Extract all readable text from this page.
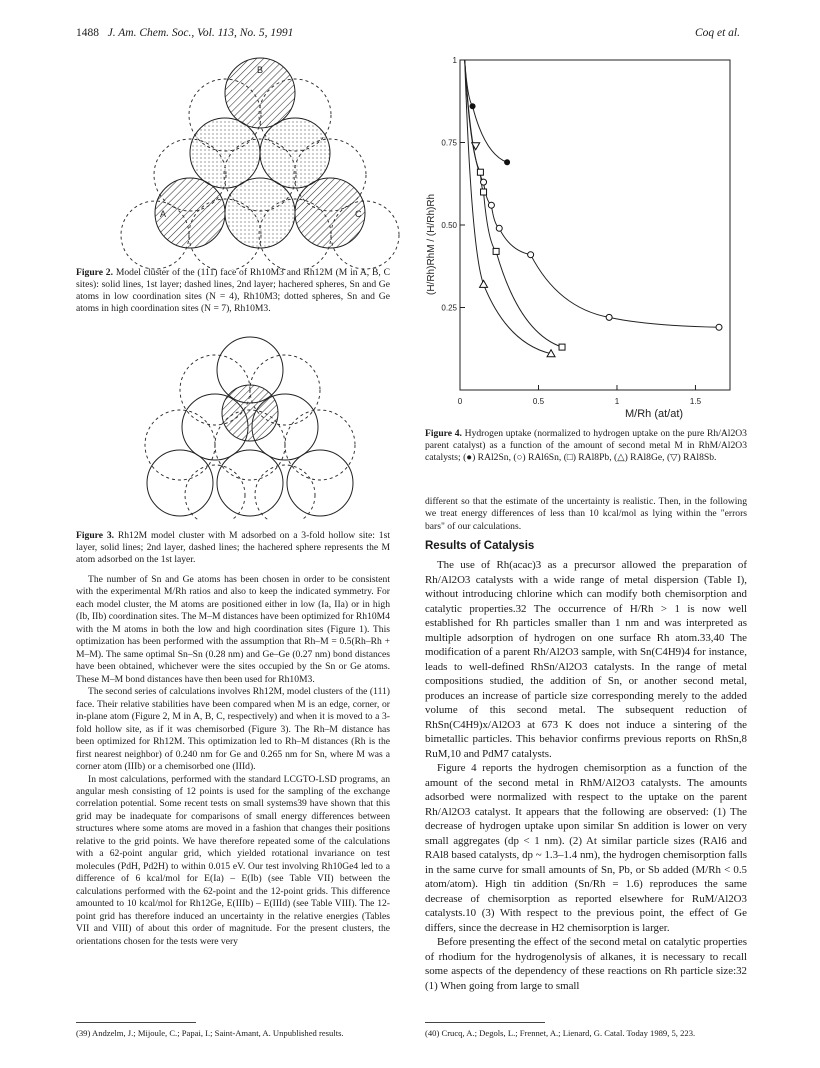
1488 J. Am. Chem. Soc., Vol. 113, No. 5, 1991	Coq et al.
B
A	C

Figure 2. Model cluster of the (111) face of Rh10M3 and Rh12M (M in A, B, C sites): solid lines, 1st layer; dashed lines, 2nd layer; hachered spheres, Sn and Ge atoms in low coordination sites (N = 4), Rh10M3; dotted spheres, Sn and Ge atoms in high coordination sites (N = 7), Rh10M3.

Figure 3. Rh12M model cluster with M adsorbed on a 3-fold hollow site: 1st layer, solid lines; 2nd layer, dashed lines; the hachered sphere represents the M atom adsorbed on the 1st layer.

The number of Sn and Ge atoms has been chosen in order to be consistent with the experimental M/Rh ratios and also to keep the indicated symmetry. For each model cluster, the M atoms are positioned either in low (Ia, IIa) or in high (Ib, IIb) coordination sites. The M–M distances have been optimized for Rh10M4 with the M atoms in both the low and high coordination sites (Figure 1). This optimization has been performed with the assumption that Rh–M = 0.5(Rh–Rh + M–M). The same optimal Sn–Sn (0.28 nm) and Ge–Ge (0.27 nm) bond distances have been obtained, whichever were the sites occupied by the Sn or Ge atoms. These M–M bond distances have then been used for Rh10M3.

The second series of calculations involves Rh12M, model clusters of the (111) face. Their relative stabilities have been compared when M is an edge, corner, or in-plane atom (Figure 2, M in A, B, C, respectively) and when it is moved to a 3-fold hollow site, as if it was chemisorbed (Figure 3). The Rh–M distance has been optimized for Rh12M. This optimization led to Rh–M distances (Rh is the first nearest neighbor) of 0.240 nm for Ge and 0.265 nm for Sn, where M was a corner atom (IIIb) or a chemisorbed one (IIId).

In most calculations, performed with the standard LCGTO-LSD programs, an angular mesh consisting of 12 points is used for the sampling of the exchange correlation potential. Some recent tests on small systems39 have shown that this grid may be inadequate for comparisons of small energy differences between structures where some atoms are moved in a fashion that changes their positions relative to the grid points. We have therefore repeated some of the calculations with a 62-point angular grid, which yielded rotational invariance on test molecules (PdH, Pd2H) to within 0.015 eV. Our test involving Rh10Ge4 led to a difference of 6 kcal/mol for E(Ia) – E(Ib) (see Table VII) between the calculations performed with the 62-point and the 12-point grids. This difference amounted to 10 kcal/mol for Rh12Ge, E(IIIb) – E(IIId) (see Table VIII). The 12-point grid has therefore induced an uncertainty in the relative energies (Tables VII and VIII) of about this order of magnitude. For the present clusters, the orientations chosen for the tests were very

0	0.5	1	1.5
0.25
0.50
0.75
1
(H/Rh)RhM / (H/Rh)Rh
M/Rh (at/at)

Figure 4. Hydrogen uptake (normalized to hydrogen uptake on the pure Rh/Al2O3 parent catalyst) as a function of the amount of second metal M in RhM/Al2O3 catalysts; (●) RAl2Sn, (○) RAl6Sn, (□) RAl8Pb, (△) RAl8Ge, (▽) RAl8Sb.

different so that the estimate of the uncertainty is realistic. Then, in the following we treat energy differences of less than 10 kcal/mol as lying within the "errors bars" of our calculations.

Results of Catalysis

The use of Rh(acac)3 as a precursor allowed the preparation of Rh/Al2O3 catalysts with a wide range of metal dispersion (Table I), without introducing chlorine which can modify both chemisorption and catalytic properties.32 The occurrence of H/Rh > 1 is now well established for Rh particles smaller than 1 nm and was interpreted as multiple adsorption of hydrogen on one surface Rh atom.33,40 The modification of a parent Rh/Al2O3 sample, with Sn(C4H9)4 for instance, leads to well-defined RhSn/Al2O3 catalysts. In the range of metal compositions studied, the addition of Sn, or another second metal, produces an increase of particle size corresponding merely to the added volume of this second metal. The subsequent reduction of RhSn(C4H9)x/Al2O3 at 673 K does not induce a sintering of the bimetallic particles. This behavior confirms previous reports on RhSn,8 RuM,10 and PdM7 catalysts.

Figure 4 reports the hydrogen chemisorption as a function of the amount of the second metal in RhM/Al2O3 catalysts. The amounts adsorbed were normalized with respect to the uptake on the parent Rh/Al2O3 catalyst. It appears that the following are observed: (1) The decrease of hydrogen uptake upon similar Sn addition is lower on very small aggregates (dp < 1 nm). (2) At similar particle sizes (RAl6 and RAl8 based catalysts, dp ~ 1.3–1.4 nm), the hydrogen chemisorption falls in the same curve for small amounts of Sn, Pb, or Sb added (M/Rh < 0.5 atom/atom). High tin addition (Sn/Rh = 1.6) reproduces the same decrease of chemisorption as reported elsewhere for RuM/Al2O3 catalysts.10 (3) With respect to the previous point, the effect of Ge differs, since the decrease in H2 chemisorption is larger.

Before presenting the effect of the second metal on catalytic properties of rhodium for the hydrogenolysis of alkanes, it is necessary to recall some aspects of the dependency of these reactions on Rh particle size:32 (1) When going from large to small

(39) Andzelm, J.; Mijoule, C.; Papai, I.; Saint-Amant, A. Unpublished results.	(40) Crucq, A.; Degols, L.; Frennet, A.; Lienard, G. Catal. Today 1989, 5, 223.
